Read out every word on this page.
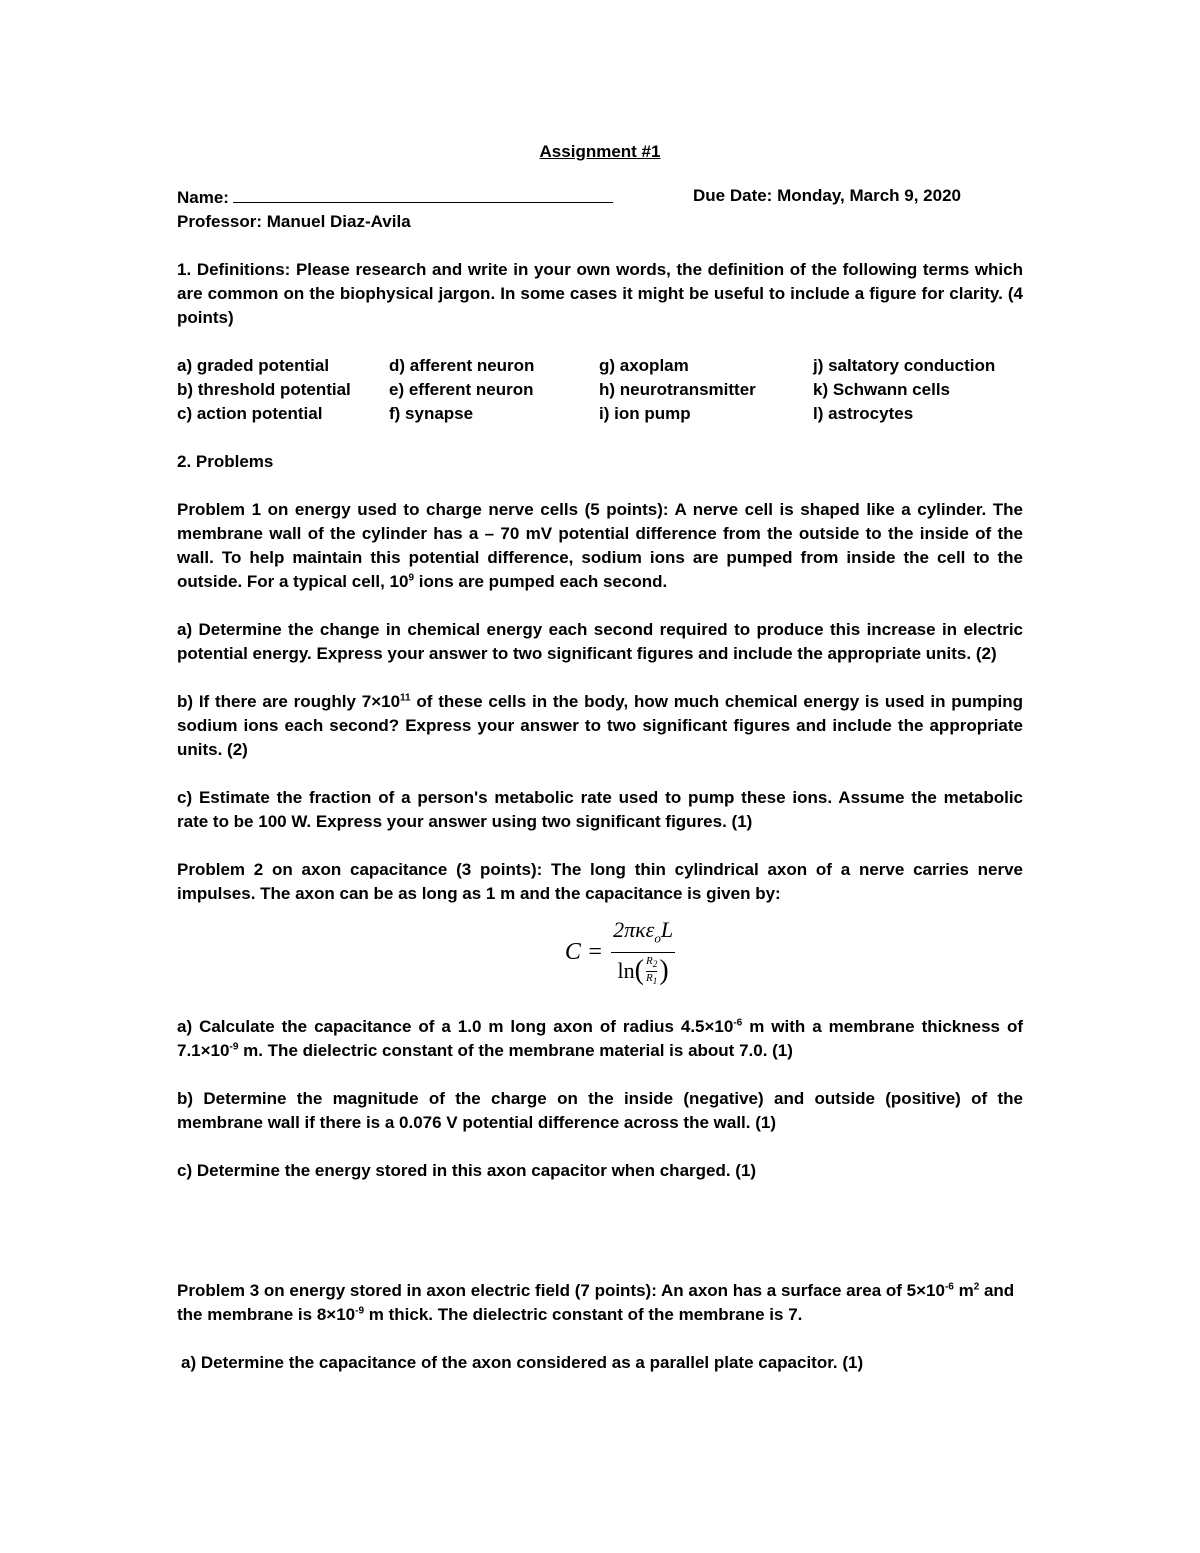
Assignment #1
Name:	Due Date: Monday, March 9, 2020
Professor: Manuel Diaz-Avila

1. Definitions: Please research and write in your own words, the definition of the following terms which are common on the biophysical jargon. In some cases it might be useful to include a figure for clarity. (4 points)

a) graded potential	d) afferent neuron	g) axoplam	j) saltatory conduction
b) threshold potential	e) efferent neuron	h) neurotransmitter	k) Schwann cells
c) action potential	f) synapse	i) ion pump	l) astrocytes

2. Problems

Problem 1 on energy used to charge nerve cells (5 points): A nerve cell is shaped like a cylinder. The membrane wall of the cylinder has a – 70 mV potential difference from the outside to the inside of the wall. To help maintain this potential difference, sodium ions are pumped from inside the cell to the outside. For a typical cell, $10^9$ ions are pumped each second.

a) Determine the change in chemical energy each second required to produce this increase in electric potential energy. Express your answer to two significant figures and include the appropriate units. (2)

b) If there are roughly $7\times 10^{11}$ of these cells in the body, how much chemical energy is used in pumping sodium ions each second? Express your answer to two significant figures and include the appropriate units. (2)

c) Estimate the fraction of a person's metabolic rate used to pump these ions. Assume the metabolic rate to be 100 W. Express your answer using two significant figures. (1)

Problem 2 on axon capacitance (3 points): The long thin cylindrical axon of a nerve carries nerve impulses. The axon can be as long as 1 m and the capacitance is given by:

C =
2πκε$_o$L
ln ( $\frac{R_2}{R_1}$ )

a) Calculate the capacitance of a 1.0 m long axon of radius $4.5\times 10^{-6}$ m with a membrane thickness of $7.1\times 10^{-9}$ m. The dielectric constant of the membrane material is about 7.0. (1)

b) Determine the magnitude of the charge on the inside (negative) and outside (positive) of the membrane wall if there is a 0.076 V potential difference across the wall. (1)

c) Determine the energy stored in this axon capacitor when charged. (1)

Problem 3 on energy stored in axon electric field (7 points): An axon has a surface area of $5\times 10^{-6}$ $m^2$ and the membrane is $8\times 10^{-9}$ m thick. The dielectric constant of the membrane is 7.

a) Determine the capacitance of the axon considered as a parallel plate capacitor. (1)
